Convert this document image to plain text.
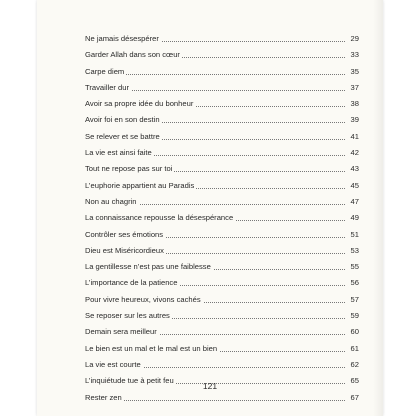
Ne jamais désespérer	29
Garder Allah dans son cœur	33
Carpe diem	35
Travailler dur	37
Avoir sa propre idée du bonheur	38
Avoir foi en son destin	39
Se relever et se battre	41
La vie est ainsi faite	42
Tout ne repose pas sur toi	43
L’euphorie appartient au Paradis	45
Non au chagrin	47
La connaissance repousse la désespérance	49
Contrôler ses émotions	51
Dieu est Miséricordieux	53
La gentillesse n’est pas une faiblesse	55
L’importance de la patience	56
Pour vivre heureux, vivons cachés	57
Se reposer sur les autres	59
Demain sera meilleur	60
Le bien est un mal et le mal est un bien	61
La vie est courte	62
L’inquiétude tue à petit feu	65
Rester zen	67
121
